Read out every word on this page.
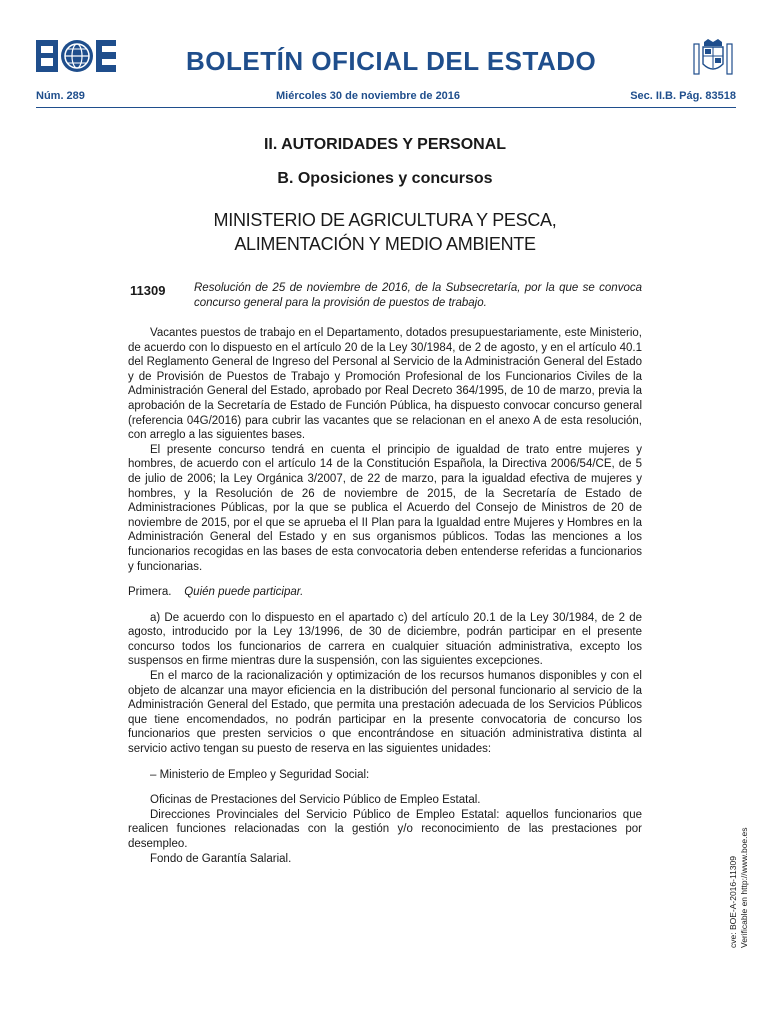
BOLETÍN OFICIAL DEL ESTADO
Núm. 289	Miércoles 30 de noviembre de 2016	Sec. II.B. Pág. 83518
II. AUTORIDADES Y PERSONAL
B. Oposiciones y concursos
MINISTERIO DE AGRICULTURA Y PESCA,
ALIMENTACIÓN Y MEDIO AMBIENTE
11309 Resolución de 25 de noviembre de 2016, de la Subsecretaría, por la que se convoca concurso general para la provisión de puestos de trabajo.

Vacantes puestos de trabajo en el Departamento, dotados presupuestariamente, este Ministerio, de acuerdo con lo dispuesto en el artículo 20 de la Ley 30/1984, de 2 de agosto, y en el artículo 40.1 del Reglamento General de Ingreso del Personal al Servicio de la Administración General del Estado y de Provisión de Puestos de Trabajo y Promoción Profesional de los Funcionarios Civiles de la Administración General del Estado, aprobado por Real Decreto 364/1995, de 10 de marzo, previa la aprobación de la Secretaría de Estado de Función Pública, ha dispuesto convocar concurso general (referencia 04G/2016) para cubrir las vacantes que se relacionan en el anexo A de esta resolución, con arreglo a las siguientes bases.

El presente concurso tendrá en cuenta el principio de igualdad de trato entre mujeres y hombres, de acuerdo con el artículo 14 de la Constitución Española, la Directiva 2006/54/CE, de 5 de julio de 2006; la Ley Orgánica 3/2007, de 22 de marzo, para la igualdad efectiva de mujeres y hombres, y la Resolución de 26 de noviembre de 2015, de la Secretaría de Estado de Administraciones Públicas, por la que se publica el Acuerdo del Consejo de Ministros de 20 de noviembre de 2015, por el que se aprueba el II Plan para la Igualdad entre Mujeres y Hombres en la Administración General del Estado y en sus organismos públicos. Todas las menciones a los funcionarios recogidas en las bases de esta convocatoria deben entenderse referidas a funcionarios y funcionarias.

Primera. Quién puede participar.

a) De acuerdo con lo dispuesto en el apartado c) del artículo 20.1 de la Ley 30/1984, de 2 de agosto, introducido por la Ley 13/1996, de 30 de diciembre, podrán participar en el presente concurso todos los funcionarios de carrera en cualquier situación administrativa, excepto los suspensos en firme mientras dure la suspensión, con las siguientes excepciones.

En el marco de la racionalización y optimización de los recursos humanos disponibles y con el objeto de alcanzar una mayor eficiencia en la distribución del personal funcionario al servicio de la Administración General del Estado, que permita una prestación adecuada de los Servicios Públicos que tiene encomendados, no podrán participar en la presente convocatoria de concurso los funcionarios que presten servicios o que encontrándose en situación administrativa distinta al servicio activo tengan su puesto de reserva en las siguientes unidades:

– Ministerio de Empleo y Seguridad Social:

Oficinas de Prestaciones del Servicio Público de Empleo Estatal.

Direcciones Provinciales del Servicio Público de Empleo Estatal: aquellos funcionarios que realicen funciones relacionadas con la gestión y/o reconocimiento de las prestaciones por desempleo.

Fondo de Garantía Salarial.	cve: BOE-A-2016-11309 Verificable en http://www.boe.es
